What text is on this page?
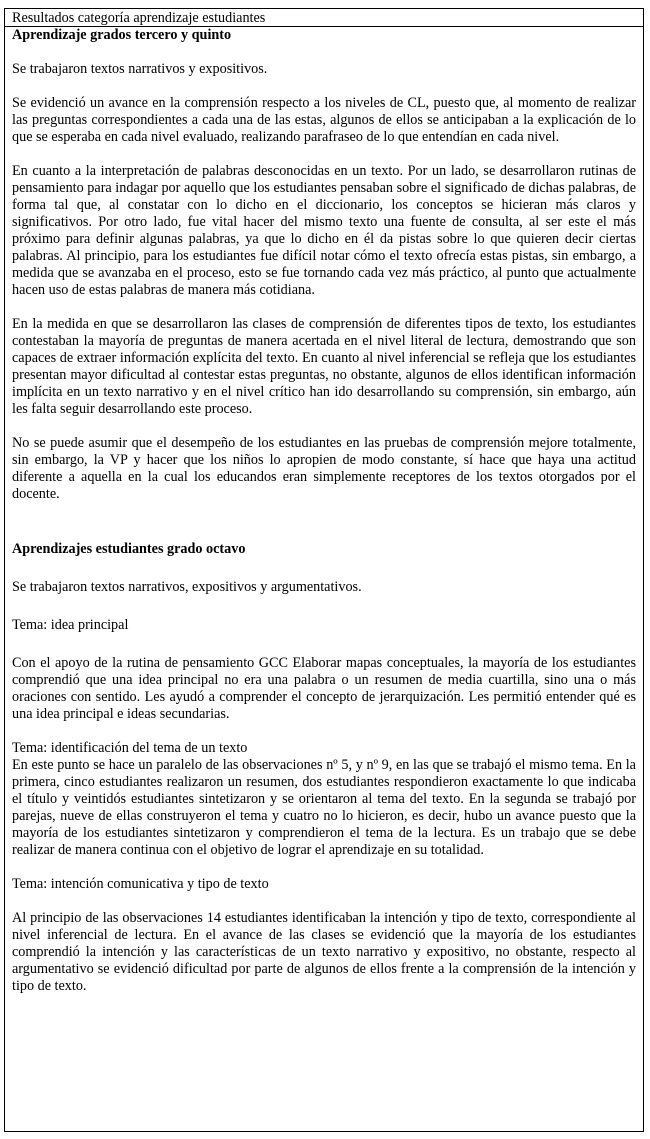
Resultados categoría aprendizaje estudiantes

Aprendizaje grados tercero y quinto

Se trabajaron textos narrativos y expositivos.

Se evidenció un avance en la comprensión respecto a los niveles de CL, puesto que, al momento de realizar las preguntas correspondientes a cada una de las estas, algunos de ellos se anticipaban a la explicación de lo que se esperaba en cada nivel evaluado, realizando parafraseo de lo que entendían en cada nivel.

En cuanto a la interpretación de palabras desconocidas en un texto. Por un lado, se desarrollaron rutinas de pensamiento para indagar por aquello que los estudiantes pensaban sobre el significado de dichas palabras, de forma tal que, al constatar con lo dicho en el diccionario, los conceptos se hicieran más claros y significativos. Por otro lado, fue vital hacer del mismo texto una fuente de consulta, al ser este el más próximo para definir algunas palabras, ya que lo dicho en él da pistas sobre lo que quieren decir ciertas palabras. Al principio, para los estudiantes fue difícil notar cómo el texto ofrecía estas pistas, sin embargo, a medida que se avanzaba en el proceso, esto se fue tornando cada vez más práctico, al punto que actualmente hacen uso de estas palabras de manera más cotidiana.

En la medida en que se desarrollaron las clases de comprensión de diferentes tipos de texto, los estudiantes contestaban la mayoría de preguntas de manera acertada en el nivel literal de lectura, demostrando que son capaces de extraer información explícita del texto. En cuanto al nivel inferencial se refleja que los estudiantes presentan mayor dificultad al contestar estas preguntas, no obstante, algunos de ellos identifican información implícita en un texto narrativo y en el nivel crítico han ido desarrollando su comprensión, sin embargo, aún les falta seguir desarrollando este proceso.

No se puede asumir que el desempeño de los estudiantes en las pruebas de comprensión mejore totalmente, sin embargo, la VP y hacer que los niños lo apropien de modo constante, sí hace que haya una actitud diferente a aquella en la cual los educandos eran simplemente receptores de los textos otorgados por el docente.

Aprendizajes estudiantes grado octavo

Se trabajaron textos narrativos, expositivos y argumentativos.

Tema: idea principal

Con el apoyo de la rutina de pensamiento GCC Elaborar mapas conceptuales, la mayoría de los estudiantes comprendió que una idea principal no era una palabra o un resumen de media cuartilla, sino una o más oraciones con sentido. Les ayudó a comprender el concepto de jerarquización. Les permitió entender qué es una idea principal e ideas secundarias.

Tema: identificación del tema de un texto

En este punto se hace un paralelo de las observaciones nº 5, y nº 9, en las que se trabajó el mismo tema. En la primera, cinco estudiantes realizaron un resumen, dos estudiantes respondieron exactamente lo que indicaba el título y veintidós estudiantes sintetizaron y se orientaron al tema del texto. En la segunda se trabajó por parejas, nueve de ellas construyeron el tema y cuatro no lo hicieron, es decir, hubo un avance puesto que la mayoría de los estudiantes sintetizaron y comprendieron el tema de la lectura. Es un trabajo que se debe realizar de manera continua con el objetivo de lograr el aprendizaje en su totalidad.

Tema: intención comunicativa y tipo de texto

Al principio de las observaciones 14 estudiantes identificaban la intención y tipo de texto, correspondiente al nivel inferencial de lectura. En el avance de las clases se evidenció que la mayoría de los estudiantes comprendió la intención y las características de un texto narrativo y expositivo, no obstante, respecto al argumentativo se evidenció dificultad por parte de algunos de ellos frente a la comprensión de la intención y tipo de texto.
